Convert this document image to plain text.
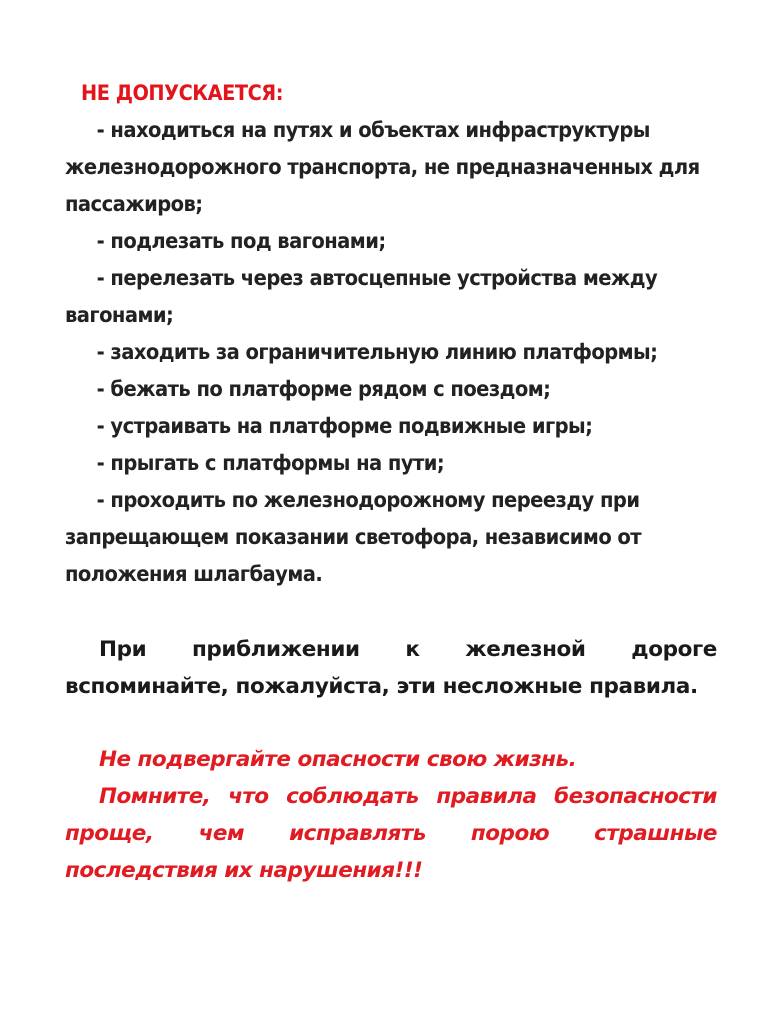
НЕ ДОПУСКАЕТСЯ:
- находиться на путях и объектах инфраструктуры железнодорожного транспорта, не предназначенных для пассажиров;
- подлезать под вагонами;
- перелезать через автосцепные устройства между вагонами;
- заходить за ограничительную линию платформы;
- бежать по платформе рядом с поездом;
- устраивать на платформе подвижные игры;
- прыгать с платформы на пути;
- проходить по железнодорожному переезду при запрещающем показании светофора, независимо от положения шлагбаума.
При приближении к железной дороге вспоминайте, пожалуйста, эти несложные правила.

Не подвергайте опасности свою жизнь.

Помните, что соблюдать правила безопасности проще, чем исправлять порою страшные последствия их нарушения!!!
